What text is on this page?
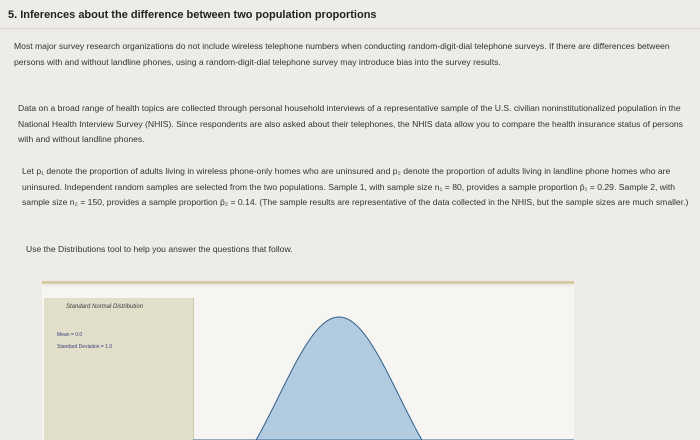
5. Inferences about the difference between two population proportions

Most major survey research organizations do not include wireless telephone numbers when conducting random-digit-dial telephone surveys. If there are differences between persons with and without landline phones, using a random-digit-dial telephone survey may introduce bias into the survey results.

Data on a broad range of health topics are collected through personal household interviews of a representative sample of the U.S. civilian noninstitutionalized population in the National Health Interview Survey (NHIS). Since respondents are also asked about their telephones, the NHIS data allow you to compare the health insurance status of persons with and without landline phones.

Let p₁ denote the proportion of adults living in wireless phone-only homes who are uninsured and p₂ denote the proportion of adults living in landline phone homes who are uninsured. Independent random samples are selected from the two populations. Sample 1, with sample size n₁ = 80, provides a sample proportion p̄₁ = 0.29. Sample 2, with sample size n₂ = 150, provides a sample proportion p̄₂ = 0.14. (The sample results are representative of the data collected in the NHIS, but the sample sizes are much smaller.)

Use the Distributions tool to help you answer the questions that follow.

Standard Normal Distribution
Mean = 0.0
Standard Deviation = 1.0
